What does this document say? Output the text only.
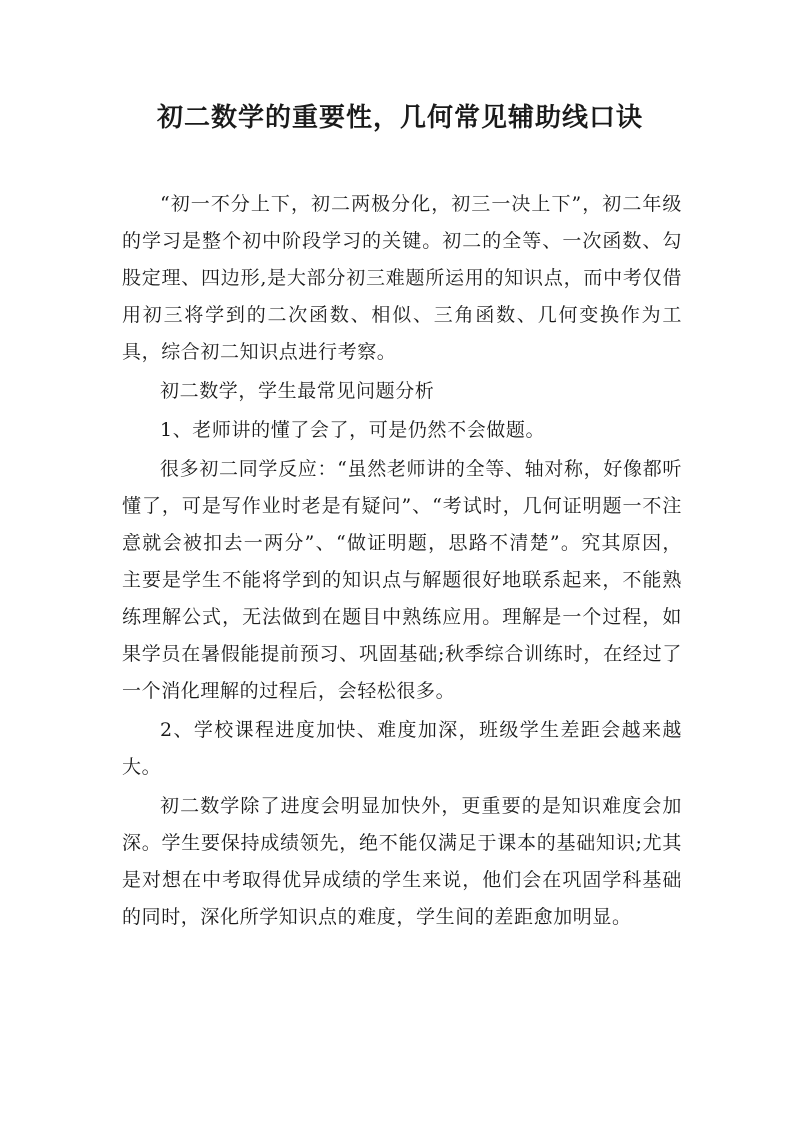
初二数学的重要性，几何常见辅助线口诀

“初一不分上下，初二两极分化，初三一决上下”，初二年级的学习是整个初中阶段学习的关键。初二的全等、一次函数、勾股定理、四边形,是大部分初三难题所运用的知识点，而中考仅借用初三将学到的二次函数、相似、三角函数、几何变换作为工具，综合初二知识点进行考察。

初二数学，学生最常见问题分析

1、老师讲的懂了会了，可是仍然不会做题。

很多初二同学反应：“虽然老师讲的全等、轴对称，好像都听懂了，可是写作业时老是有疑问”、“考试时，几何证明题一不注意就会被扣去一两分”、“做证明题，思路不清楚”。究其原因，主要是学生不能将学到的知识点与解题很好地联系起来，不能熟练理解公式，无法做到在题目中熟练应用。理解是一个过程，如果学员在暑假能提前预习、巩固基础;秋季综合训练时，在经过了一个消化理解的过程后，会轻松很多。

2、学校课程进度加快、难度加深，班级学生差距会越来越大。

初二数学除了进度会明显加快外，更重要的是知识难度会加深。学生要保持成绩领先，绝不能仅满足于课本的基础知识;尤其是对想在中考取得优异成绩的学生来说，他们会在巩固学科基础的同时，深化所学知识点的难度，学生间的差距愈加明显。
